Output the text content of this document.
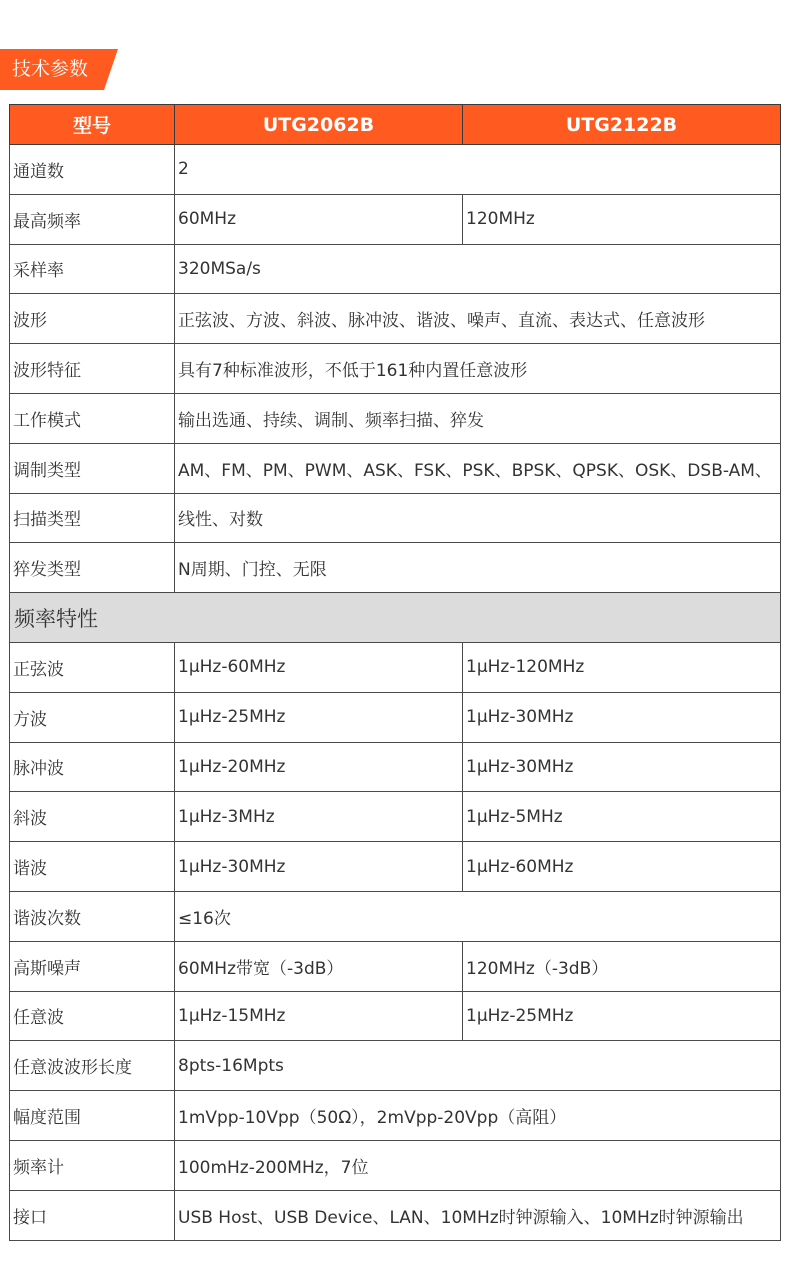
技术参数
型号	UTG2062B	UTG2122B
通道数	2	
最高频率	60MHz	120MHz
采样率	320MSa/s	
波形	正弦波、方波、斜波、脉冲波、谐波、噪声、直流、表达式、任意波形	
波形特征	具有7种标准波形，不低于161种内置任意波形	
工作模式	输出选通、持续、调制、频率扫描、猝发	
调制类型	AM、FM、PM、PWM、ASK、FSK、PSK、BPSK、QPSK、OSK、DSB-AM、	
扫描类型	线性、对数	
猝发类型	N周期、门控、无限	
频率特性		
正弦波	1μHz-60MHz	1μHz-120MHz
方波	1μHz-25MHz	1μHz-30MHz
脉冲波	1μHz-20MHz	1μHz-30MHz
斜波	1μHz-3MHz	1μHz-5MHz
谐波	1μHz-30MHz	1μHz-60MHz
谐波次数	≤16次	
高斯噪声	60MHz带宽（-3dB）	120MHz（-3dB）
任意波	1μHz-15MHz	1μHz-25MHz
任意波波形长度	8pts-16Mpts	
幅度范围	1mVpp-10Vpp（50Ω），2mVpp-20Vpp（高阻）	
频率计	100mHz-200MHz，7位	
接口	USB Host、USB Device、LAN、10MHz时钟源输入、10MHz时钟源输出	
